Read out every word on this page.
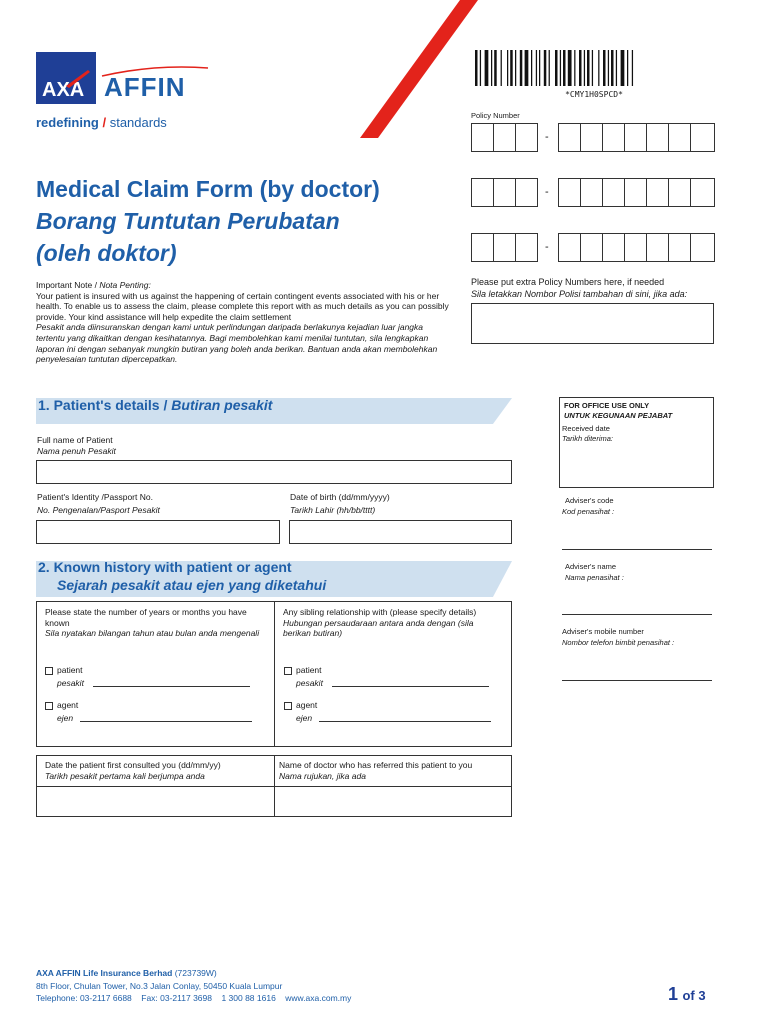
AXA AFFIN
redefining / standards
*CMY1H0SPCD*
Policy Number
-
-
-
Please put extra Policy Numbers here, if needed
Sila letakkan Nombor Polisi tambahan di sini, jika ada:
Medical Claim Form (by doctor)
Borang Tuntutan Perubatan
(oleh doktor)
Important Note / Nota Penting:
Your patient is insured with us against the happening of certain contingent events associated with his or her health. To enable us to assess the claim, please complete this report with as much details as you can possibly provide. Your kind assistance will help expedite the claim settlement
Pesakit anda diinsuranskan dengan kami untuk perlindungan daripada berlakunya kejadian luar jangka tertentu yang dikaitkan dengan kesihatannya. Bagi membolehkan kami menilai tuntutan, sila lengkapkan laporan ini dengan sebanyak mungkin butiran yang boleh anda berikan. Bantuan anda akan membolehkan penyelesaian tuntutan dipercepatkan.
1. Patient's details / Butiran pesakit
Full name of Patient
Nama penuh Pesakit
Patient's Identity /Passport No.
No. Pengenalan/Pasport Pesakit
Date of birth (dd/mm/yyyy)
Tarikh Lahir (hh/bb/tttt)
FOR OFFICE USE ONLY
UNTUK KEGUNAAN PEJABAT
Received date
Tarikh diterima:
Adviser's code
Kod penasihat :
Adviser's name
Nama penasihat :
Adviser's mobile number
Nombor telefon bimbit penasihat :
2. Known history with patient or agent
Sejarah pesakit atau ejen yang diketahui
Please state the number of years or months you have known
Sila nyatakan bilangan tahun atau bulan anda mengenali
Any sibling relationship with (please specify details)
Hubungan persaudaraan antara anda dengan (sila berikan butiran)
patient
pesakit
agent
ejen
patient
pesakit
agent
ejen
Date the patient first consulted you (dd/mm/yy)
Tarikh pesakit pertama kali berjumpa anda
Name of doctor who has referred this patient to you
Nama rujukan, jika ada
AXA AFFIN Life Insurance Berhad (723739W)
8th Floor, Chulan Tower, No.3 Jalan Conlay, 50450 Kuala Lumpur
Telephone: 03-2117 6688 Fax: 03-2117 3698 1 300 88 1616 www.axa.com.my	1 of 3
